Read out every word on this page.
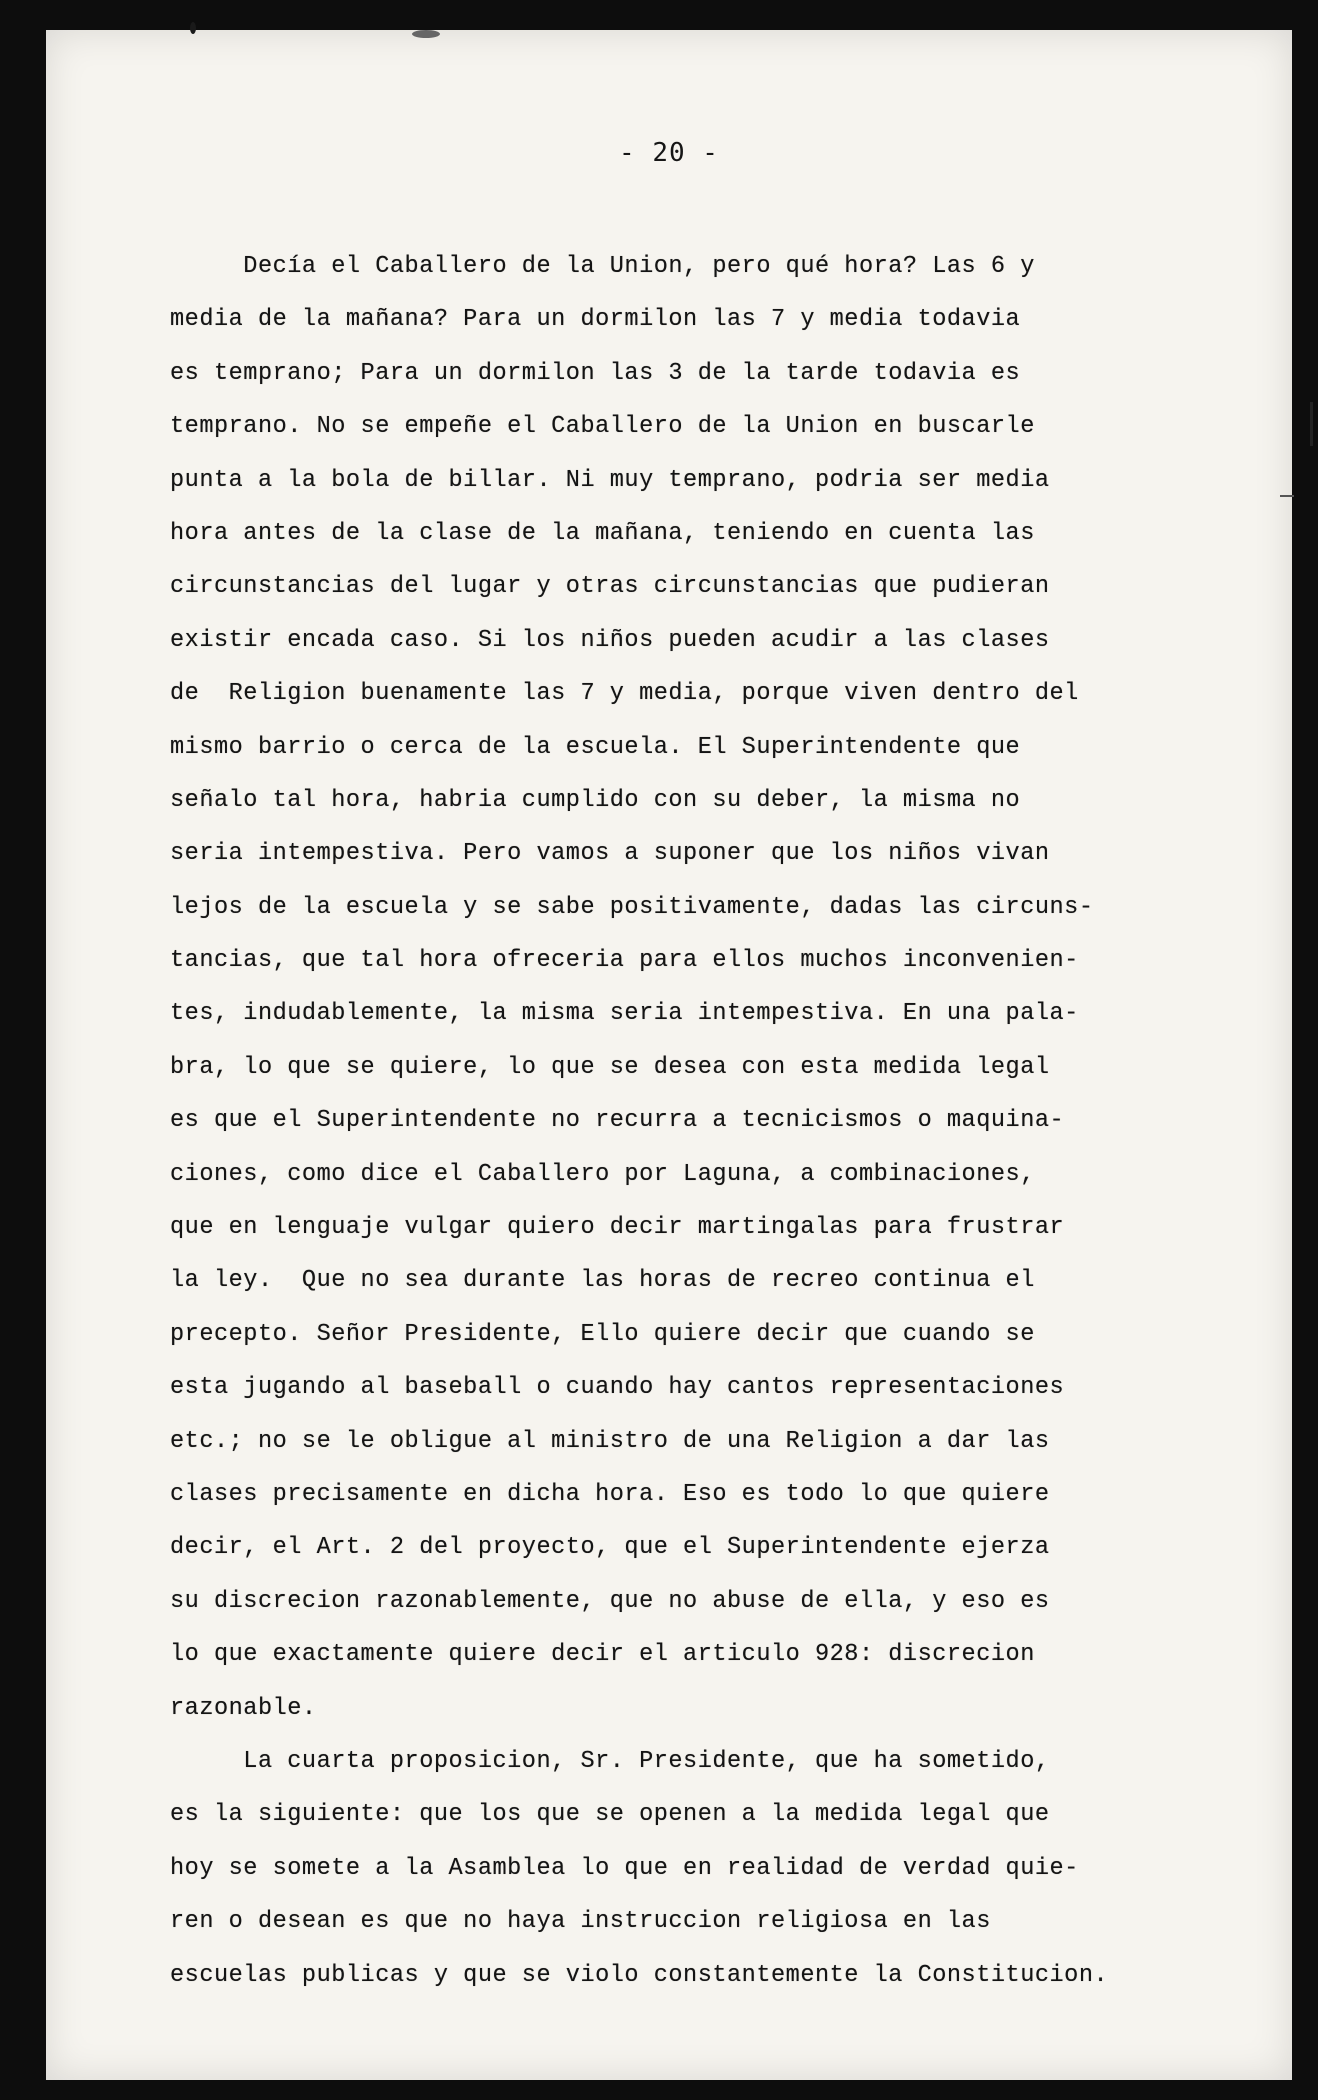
- 20 -
Decía el Caballero de la Union, pero qué hora? Las 6 y
media de la mañana? Para un dormilon las 7 y media todavia
es temprano; Para un dormilon las 3 de la tarde todavia es
temprano. No se empeñe el Caballero de la Union en buscarle
punta a la bola de billar. Ni muy temprano, podria ser media
hora antes de la clase de la mañana, teniendo en cuenta las
circunstancias del lugar y otras circunstancias que pudieran
existir encada caso. Si los niños pueden acudir a las clases
de  Religion buenamente las 7 y media, porque viven dentro del
mismo barrio o cerca de la escuela. El Superintendente que
señalo tal hora, habria cumplido con su deber, la misma no
seria intempestiva. Pero vamos a suponer que los niños vivan
lejos de la escuela y se sabe positivamente, dadas las circuns-
tancias, que tal hora ofreceria para ellos muchos inconvenien-
tes, indudablemente, la misma seria intempestiva. En una pala-
bra, lo que se quiere, lo que se desea con esta medida legal
es que el Superintendente no recurra a tecnicismos o maquina-
ciones, como dice el Caballero por Laguna, a combinaciones,
que en lenguaje vulgar quiero decir martingalas para frustrar
la ley.  Que no sea durante las horas de recreo continua el
precepto. Señor Presidente, Ello quiere decir que cuando se
esta jugando al baseball o cuando hay cantos representaciones
etc.; no se le obligue al ministro de una Religion a dar las
clases precisamente en dicha hora. Eso es todo lo que quiere
decir, el Art. 2 del proyecto, que el Superintendente ejerza
su discrecion razonablemente, que no abuse de ella, y eso es
lo que exactamente quiere decir el articulo 928: discrecion
razonable.
La cuarta proposicion, Sr. Presidente, que ha sometido,
es la siguiente: que los que se openen a la medida legal que
hoy se somete a la Asamblea lo que en realidad de verdad quie-
ren o desean es que no haya instruccion religiosa en las
escuelas publicas y que se violo constantemente la Constitucion.
